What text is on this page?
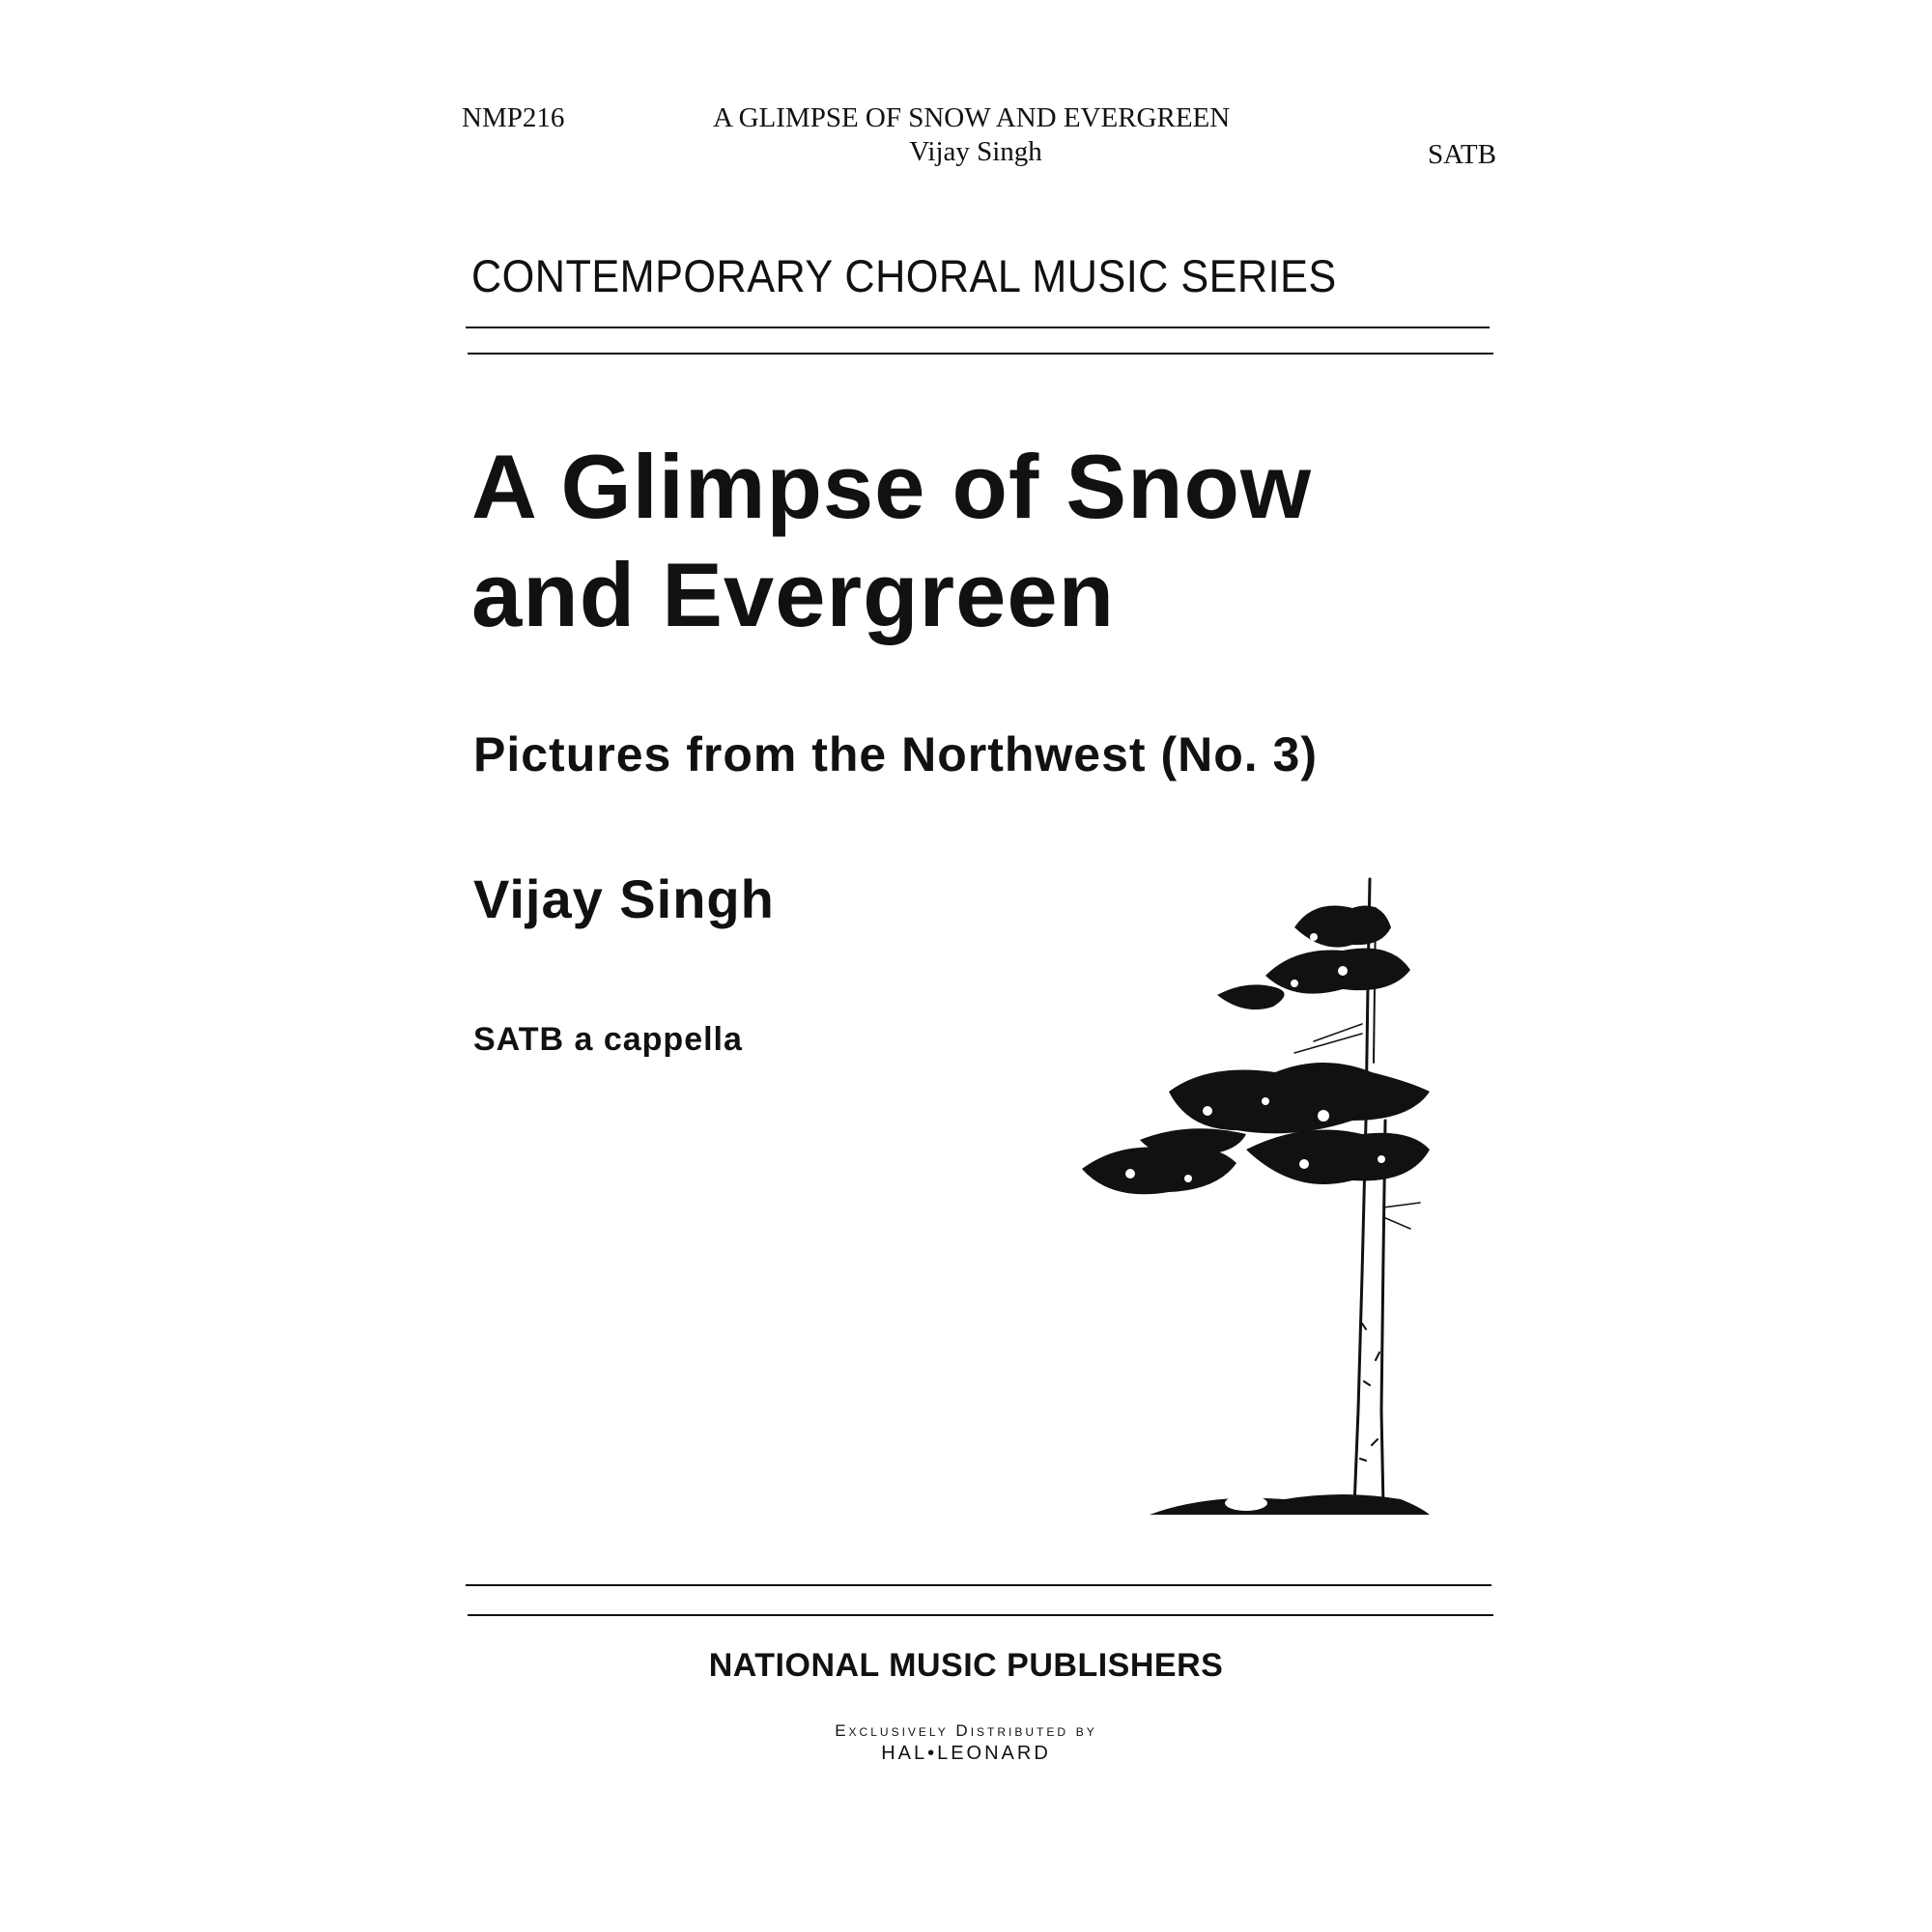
NMP216	A GLIMPSE OF SNOW AND EVERGREEN
Vijay Singh	SATB
CONTEMPORARY CHORAL MUSIC SERIES
A Glimpse of Snow
and Evergreen
Pictures from the Northwest (No. 3)
Vijay Singh
SATB a cappella
NATIONAL MUSIC PUBLISHERS
Exclusively Distributed by
HAL•LEONARD
